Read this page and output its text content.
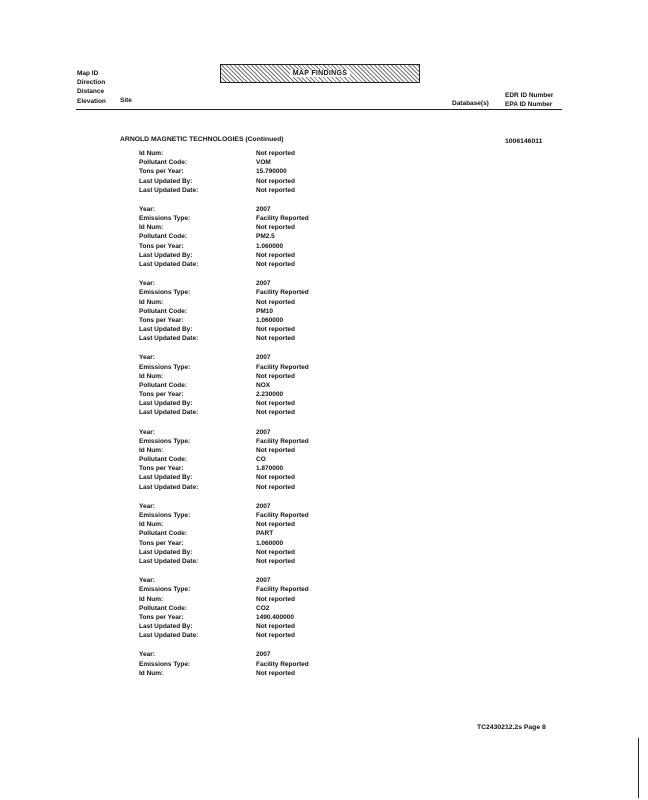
Map ID
Direction
Distance
Elevation Site
MAP FINDINGS
Database(s)
EDR ID Number
EPA ID Number
ARNOLD MAGNETIC TECHNOLOGIES (Continued)	1006146011
Id Num:	Not reported
Pollutant Code:	VOM
Tons per Year:	15.790000
Last Updated By:	Not reported
Last Updated Date:	Not reported
Year:	2007
Emissions Type:	Facility Reported
Id Num:	Not reported
Pollutant Code:	PM2.5
Tons per Year:	1.060000
Last Updated By:	Not reported
Last Updated Date:	Not reported
Year:	2007
Emissions Type:	Facility Reported
Id Num:	Not reported
Pollutant Code:	PM10
Tons per Year:	1.060000
Last Updated By:	Not reported
Last Updated Date:	Not reported
Year:	2007
Emissions Type:	Facility Reported
Id Num:	Not reported
Pollutant Code:	NOX
Tons per Year:	2.230000
Last Updated By:	Not reported
Last Updated Date:	Not reported
Year:	2007
Emissions Type:	Facility Reported
Id Num:	Not reported
Pollutant Code:	CO
Tons per Year:	1.870000
Last Updated By:	Not reported
Last Updated Date:	Not reported
Year:	2007
Emissions Type:	Facility Reported
Id Num:	Not reported
Pollutant Code:	PART
Tons per Year:	1.060000
Last Updated By:	Not reported
Last Updated Date:	Not reported
Year:	2007
Emissions Type:	Facility Reported
Id Num:	Not reported
Pollutant Code:	CO2
Tons per Year:	1490.400000
Last Updated By:	Not reported
Last Updated Date:	Not reported
Year:	2007
Emissions Type:	Facility Reported
Id Num:	Not reported
TC2430212.2s Page 8
